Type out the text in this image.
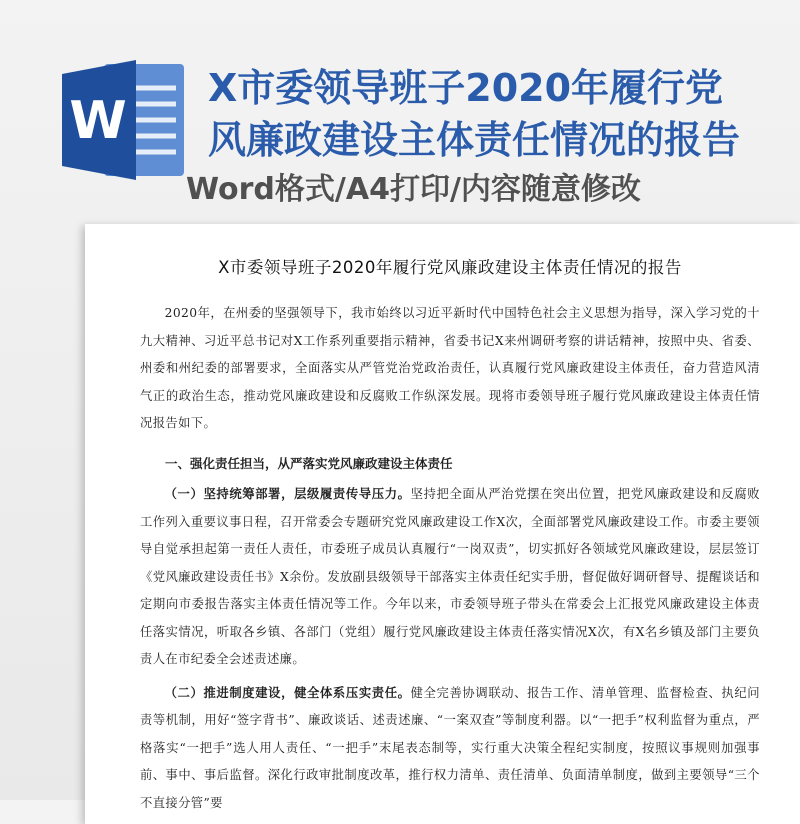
W
X市委领导班子2020年履行党
风廉政建设主体责任情况的报告
Word格式/A4打印/内容随意修改
X市委领导班子2020年履行党风廉政建设主体责任情况的报告

2020年，在州委的坚强领导下，我市始终以习近平新时代中国特色社会主义思想为指导，深入学习党的十九大精神、习近平总书记对X工作系列重要指示精神，省委书记X来州调研考察的讲话精神，按照中央、省委、州委和州纪委的部署要求，全面落实从严管党治党政治责任，认真履行党风廉政建设主体责任，奋力营造风清气正的政治生态，推动党风廉政建设和反腐败工作纵深发展。现将市委领导班子履行党风廉政建设主体责任情况报告如下。

一、强化责任担当，从严落实党风廉政建设主体责任

（一）坚持统筹部署，层级履责传导压力。坚持把全面从严治党摆在突出位置，把党风廉政建设和反腐败工作列入重要议事日程，召开常委会专题研究党风廉政建设工作X次，全面部署党风廉政建设工作。市委主要领导自觉承担起第一责任人责任，市委班子成员认真履行“一岗双责”，切实抓好各领域党风廉政建设，层层签订《党风廉政建设责任书》X余份。发放副县级领导干部落实主体责任纪实手册，督促做好调研督导、提醒谈话和定期向市委报告落实主体责任情况等工作。今年以来，市委领导班子带头在常委会上汇报党风廉政建设主体责任落实情况，听取各乡镇、各部门（党组）履行党风廉政建设主体责任落实情况X次，有X名乡镇及部门主要负责人在市纪委全会述责述廉。

（二）推进制度建设，健全体系压实责任。健全完善协调联动、报告工作、清单管理、监督检查、执纪问责等机制，用好“签字背书”、廉政谈话、述责述廉、“一案双查”等制度利器。以“一把手”权利监督为重点，严格落实“一把手”选人用人责任、“一把手”末尾表态制等，实行重大决策全程纪实制度，按照议事规则加强事前、事中、事后监督。深化行政审批制度改革，推行权力清单、责任清单、负面清单制度，做到主要领导“三个不直接分管”要
